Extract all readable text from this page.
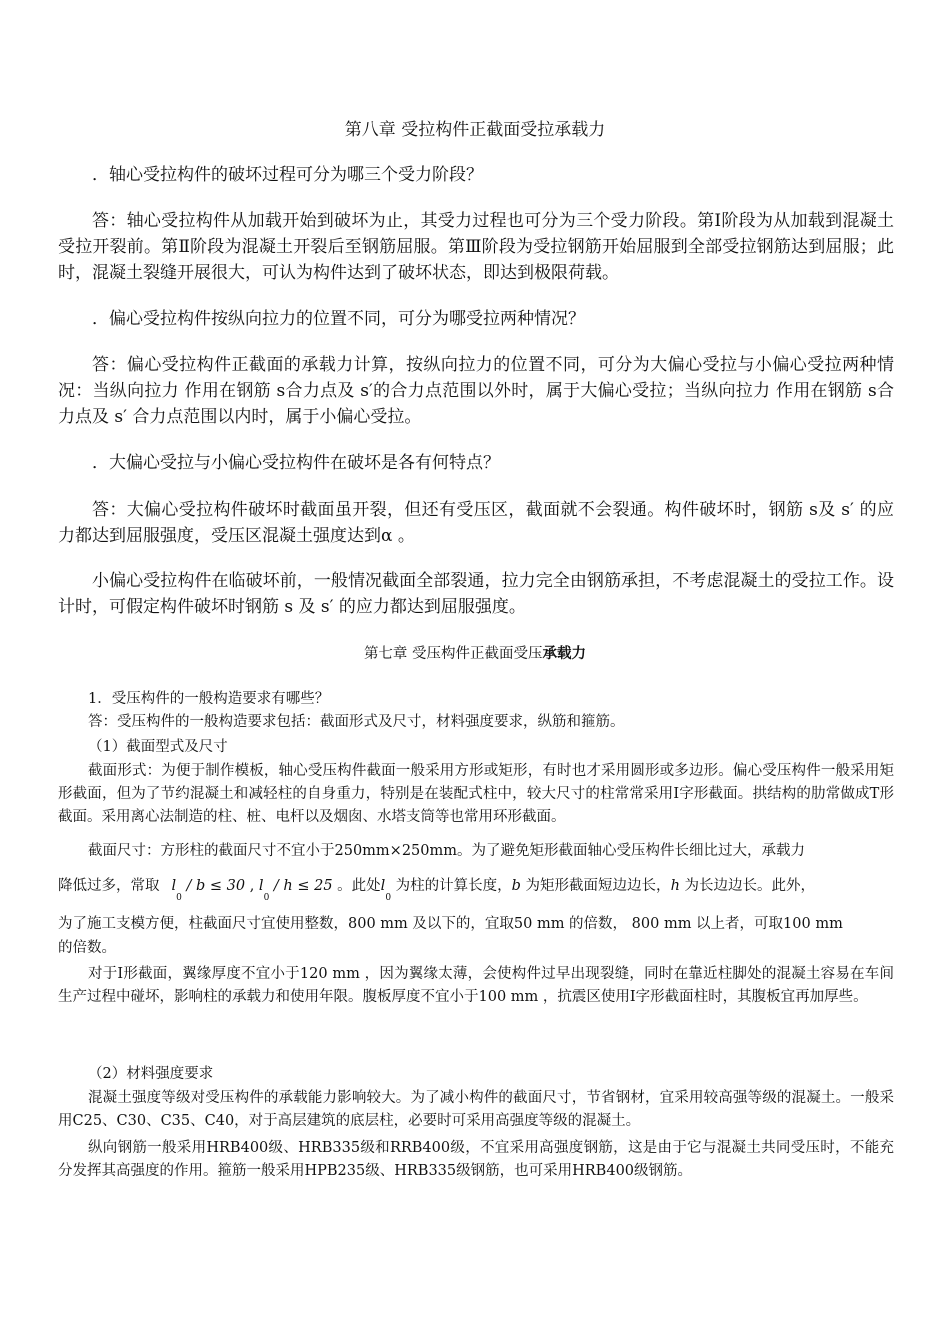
第八章 受拉构件正截面受拉承载力

．轴心受拉构件的破坏过程可分为哪三个受力阶段？

答：轴心受拉构件从加载开始到破坏为止，其受力过程也可分为三个受力阶段。第Ⅰ阶段为从加载到混凝土受拉开裂前。第Ⅱ阶段为混凝土开裂后至钢筋屈服。第Ⅲ阶段为受拉钢筋开始屈服到全部受拉钢筋达到屈服；此时，混凝土裂缝开展很大，可认为构件达到了破坏状态，即达到极限荷载。

．偏心受拉构件按纵向拉力的位置不同，可分为哪受拉两种情况？

答：偏心受拉构件正截面的承载力计算，按纵向拉力的位置不同，可分为大偏心受拉与小偏心受拉两种情况：当纵向拉力 作用在钢筋 s合力点及 s′的合力点范围以外时，属于大偏心受拉；当纵向拉力 作用在钢筋 s合力点及 s′ 合力点范围以内时，属于小偏心受拉。

．大偏心受拉与小偏心受拉构件在破坏是各有何特点？

答：大偏心受拉构件破坏时截面虽开裂，但还有受压区，截面就不会裂通。构件破坏时，钢筋 s及 s′ 的应力都达到屈服强度，受压区混凝土强度达到α 。

小偏心受拉构件在临破坏前，一般情况截面全部裂通，拉力完全由钢筋承担，不考虑混凝土的受拉工作。设计时，可假定构件破坏时钢筋 s 及 s′ 的应力都达到屈服强度。

第七章 受压构件正截面受压承载力

1．受压构件的一般构造要求有哪些？

答：受压构件的一般构造要求包括：截面形式及尺寸，材料强度要求，纵筋和箍筋。

（1）截面型式及尺寸

截面形式：为便于制作模板，轴心受压构件截面一般采用方形或矩形，有时也才采用圆形或多边形。偏心受压构件一般采用矩形截面，但为了节约混凝土和减轻柱的自身重力，特别是在装配式柱中，较大尺寸的柱常常采用Ⅰ字形截面。拱结构的肋常做成T形截面。采用离心法制造的柱、桩、电杆以及烟囱、水塔支筒等也常用环形截面。

截面尺寸：方形柱的截面尺寸不宜小于250mm×250mm。为了避免矩形截面轴心受压构件长细比过大，承载力

降低过多，常取 $l_0 / b \le 30$ , $l_0 / h \le 25$ 。此处$l_0$ 为柱的计算长度，b 为矩形截面短边边长，h 为长边边长。此外，

为了施工支模方便，柱截面尺寸宜使用整数，800 mm 及以下的，宜取50 mm 的倍数， 800 mm 以上者，可取100 mm

的倍数。

对于Ⅰ形截面，翼缘厚度不宜小于120 mm ，因为翼缘太薄，会使构件过早出现裂缝，同时在靠近柱脚处的混凝土容易在车间生产过程中碰坏，影响柱的承载力和使用年限。腹板厚度不宜小于100 mm ，抗震区使用Ⅰ字形截面柱时，其腹板宜再加厚些。

（2）材料强度要求

混凝土强度等级对受压构件的承载能力影响较大。为了减小构件的截面尺寸，节省钢材，宜采用较高强等级的混凝土。一般采用C25、C30、C35、C40，对于高层建筑的底层柱，必要时可采用高强度等级的混凝土。

纵向钢筋一般采用HRB400级、HRB335级和RRB400级，不宜采用高强度钢筋，这是由于它与混凝土共同受压时，不能充分发挥其高强度的作用。箍筋一般采用HPB235级、HRB335级钢筋，也可采用HRB400级钢筋。
